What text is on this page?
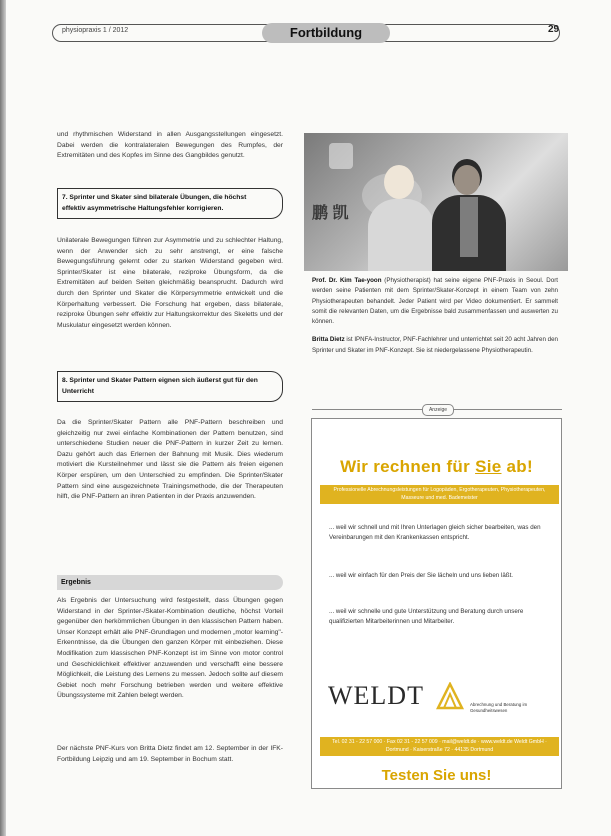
physiopraxis 1 / 2012	Fortbildung	29

und rhythmischen Widerstand in allen Ausgangsstellungen eingesetzt. Dabei werden die kontralateralen Bewegungen des Rumpfes, der Extremitäten und des Kopfes im Sinne des Gangbildes genutzt.

7. Sprinter und Skater sind bilaterale Übungen, die höchst effektiv asymmetrische Haltungsfehler korrigieren.

Unilaterale Bewegungen führen zur Asymmetrie und zu schlechter Haltung, wenn der Anwender sich zu sehr anstrengt, er eine falsche Bewegungsführung gelernt oder zu starken Widerstand gegeben wird. Sprinter/Skater ist eine bilaterale, reziproke Übungsform, da die Extremitäten auf beiden Seiten gleichmäßig beansprucht. Dadurch wird durch den Sprinter und Skater die Körpersymmetrie entwickelt und die Körperhaltung verbessert. Die Forschung hat ergeben, dass bilaterale, reziproke Übungen sehr effektiv zur Haltungskorrektur des Skeletts und der Muskulatur eingesetzt werden können.

8. Sprinter und Skater Pattern eignen sich äußerst gut für den Unterricht

Da die Sprinter/Skater Pattern alle PNF-Pattern beschreiben und gleichzeitig nur zwei einfache Kombinationen der Pattern benutzen, sind unterschiedene Studien neuer die PNF-Pattern in kurzer Zeit zu lernen. Dazu gehört auch das Erlernen der Bahnung mit Musik. Dies wiederum motiviert die Kursteilnehmer und lässt sie die Pattern als freien eigenen Körper erspüren, um den Unterschied zu empfinden. Die Sprinter/Skater Pattern sind eine ausgezeichnete Trainingsmethode, die der Therapeuten hilft, die PNF-Pattern an ihren Patienten in der Praxis anzuwenden.

Ergebnis

Als Ergebnis der Untersuchung wird festgestellt, dass Übungen gegen Widerstand in der Sprinter-/Skater-Kombination deutliche, höchst Vorteil gegenüber den herkömmlichen Übungen in den klassischen Pattern haben. Unser Konzept erhält alle PNF-Grundlagen und modernen „motor learning"-Erkenntnisse, da die Übungen den ganzen Körper mit einbeziehen. Diese Modifikation zum klassischen PNF-Konzept ist im Sinne von motor control und Geschicklichkeit effektiver anzuwenden und verschafft eine bessere Möglichkeit, die Leistung des Lernens zu messen. Jedoch sollte auf diesem Gebiet noch mehr Forschung betrieben werden und weitere effektive Übungssysteme mit Zahlen belegt werden.

Der nächste PNF-Kurs von Britta Dietz findet am 12. September in der IFK-Fortbildung Leipzig und am 19. September in Bochum statt.

鹏 凯

Prof. Dr. Kim Tae-yoon (Physiotherapist) hat seine eigene PNF-Praxis in Seoul. Dort werden seine Patienten mit dem Sprinter/Skater-Konzept in einem Team von zehn Physiotherapeuten behandelt. Jeder Patient wird per Video dokumentiert. Er sammelt somit die relevanten Daten, um die Ergebnisse bald zusammenfassen und auswerten zu können.

Britta Dietz ist IPNFA-Instructor, PNF-Fachlehrer und unterrichtet seit 20 acht Jahren den Sprinter und Skater im PNF-Konzept. Sie ist niedergelassene Physiotherapeutin.

Anzeige
Wir rechnen für Sie ab!
Professionelle Abrechnungsleistungen für Logopäden, Ergotherapeuten, Physiotherapeuten, Masseure und med. Bademeister
... weil wir schnell und mit Ihren Unterlagen gleich sicher bearbeiten, was den Vereinbarungen mit den Krankenkassen entspricht.
... weil wir einfach für den Preis der Sie lächeln und uns lieben läßt.
... weil wir schnelle und gute Unterstützung und Beratung durch unsere qualifizierten Mitarbeiterinnen und Mitarbeiter.
WELDT	Abrechnung und Beratung im Gesundheitswesen
Tel. 02 31 - 22 57 000 · Fax 02 31 - 22 57 009 · mail@weldt.de · www.weldt.de Weldt GmbH · Dortmund · Kaiserstraße 72 · 44135 Dortmund
Testen Sie uns!
